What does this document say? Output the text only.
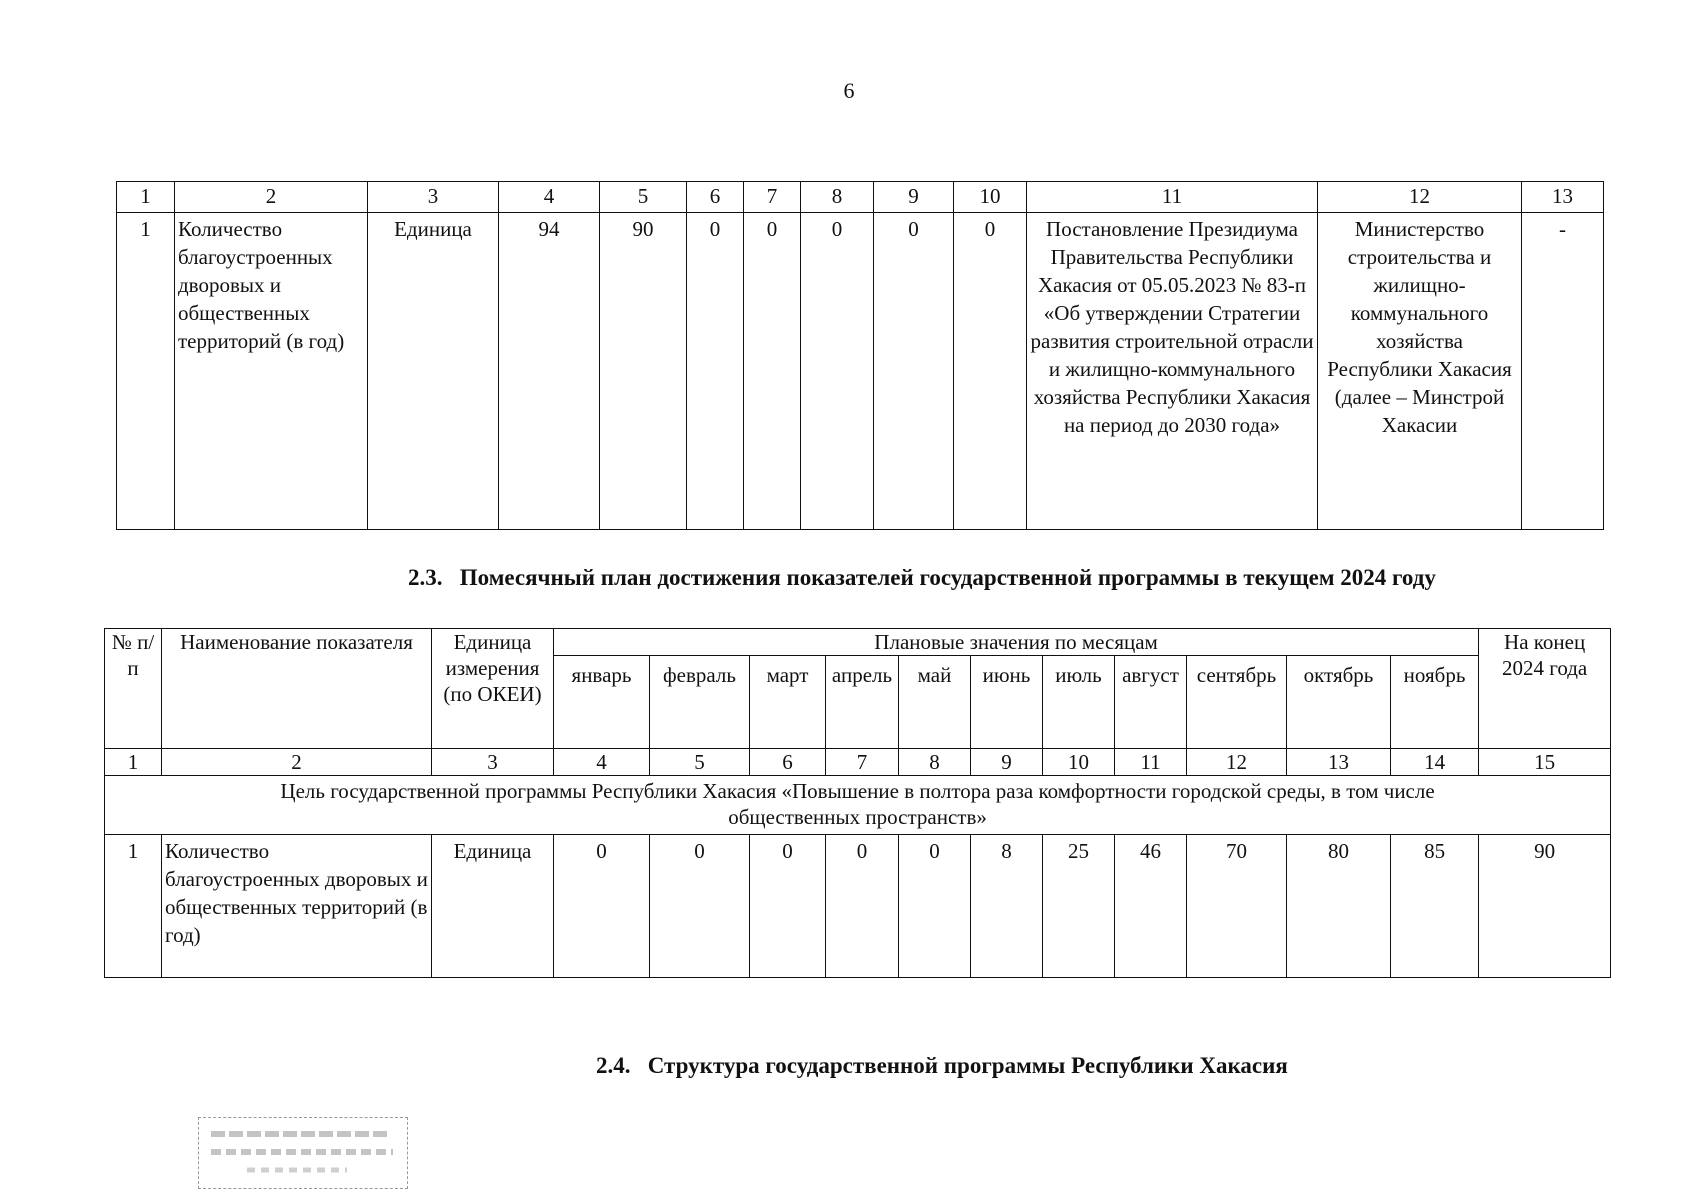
6
1	2	3	4	5	6	7	8	9	10	11	12	13
1	Количество благоустроенных дворовых и общественных территорий (в год)	Единица	94	90	0	0	0	0	0	Постановление Президиума Правительства Республики Хакасия от 05.05.2023 № 83-п «Об утверждении Стратегии развития строительной отрасли и жилищно-коммунального хозяйства Республики Хакасия на период до 2030 года»	Министерство строительства и жилищно-коммунального хозяйства Республики Хакасия (далее – Минстрой Хакасии	-
2.3. Помесячный план достижения показателей государственной программы в текущем 2024 году
№ п/п	Наименование показателя	Единица измерения (по ОКЕИ)	Плановые значения по месяцам											На конец 2024 года
			январь	февраль	март	апрель	май	июнь	июль	август	сентябрь	октябрь	ноябрь	
1	2	3	4	5	6	7	8	9	10	11	12	13	14	15
Цель государственной программы Республики Хакасия «Повышение в полтора раза комфортности городской среды, в том числе общественных пространств»														
1	Количество благоустроенных дворовых и общественных территорий (в год)	Единица	0	0	0	0	0	8	25	46	70	80	85	90
2.4. Структура государственной программы Республики Хакасия
